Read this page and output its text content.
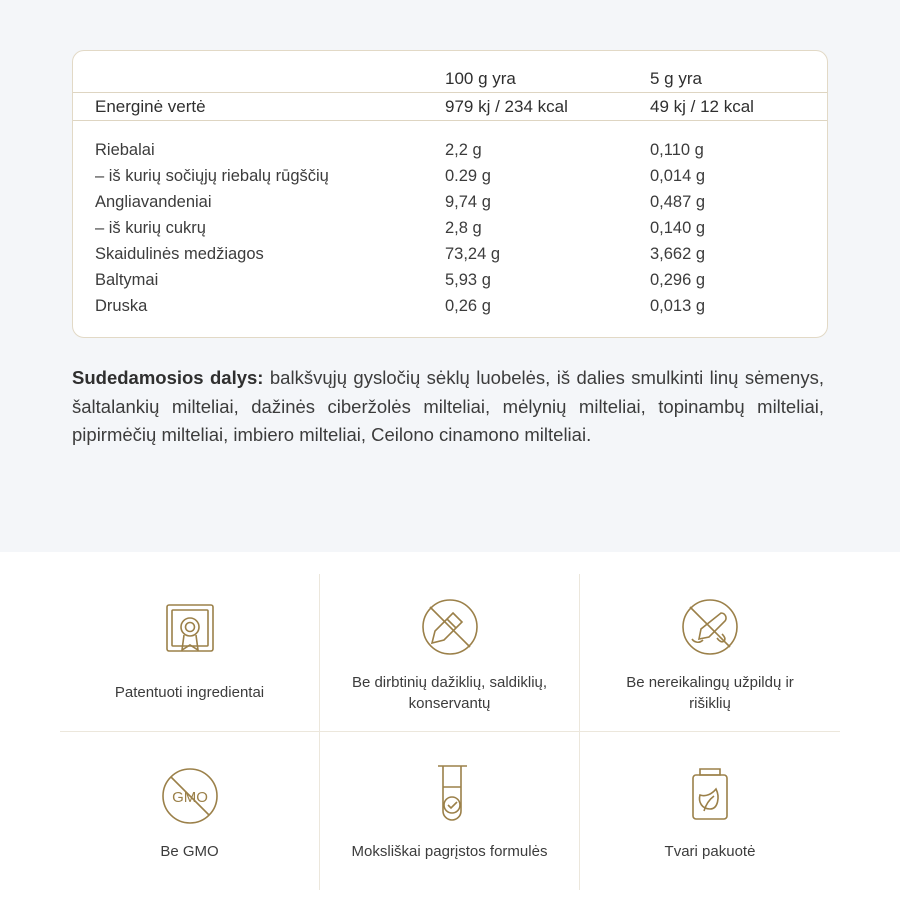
	100 g yra	5 g yra

Energinė vertė	979 kj / 234 kcal	49 kj / 12 kcal

Riebalai	2,2 g	0,110 g
– iš kurių sočiųjų riebalų rūgščių	0.29 g	0,014 g
Angliavandeniai	9,74 g	0,487 g
– iš kurių cukrų	2,8 g	0,140 g
Skaidulinės medžiagos	73,24 g	3,662 g
Baltymai	5,93 g	0,296 g
Druska	0,26 g	0,013 g
Sudedamosios dalys: balkšvųjų gysločių sėklų luobelės, iš dalies smulkinti linų sėmenys, šaltalankių milteliai, dažinės ciberžolės milteliai, mėlynių milteliai, topinambų milteliai, pipirmėčių milteliai, imbiero milteliai, Ceilono cinamono milteliai.
Patentuoti ingredientai
Be dirbtinių dažiklių, saldiklių, konservantų
Be nereikalingų užpildų ir rišiklių
GMO
Be GMO	Moksliškai pagrįstos formulės	Tvari pakuotė
